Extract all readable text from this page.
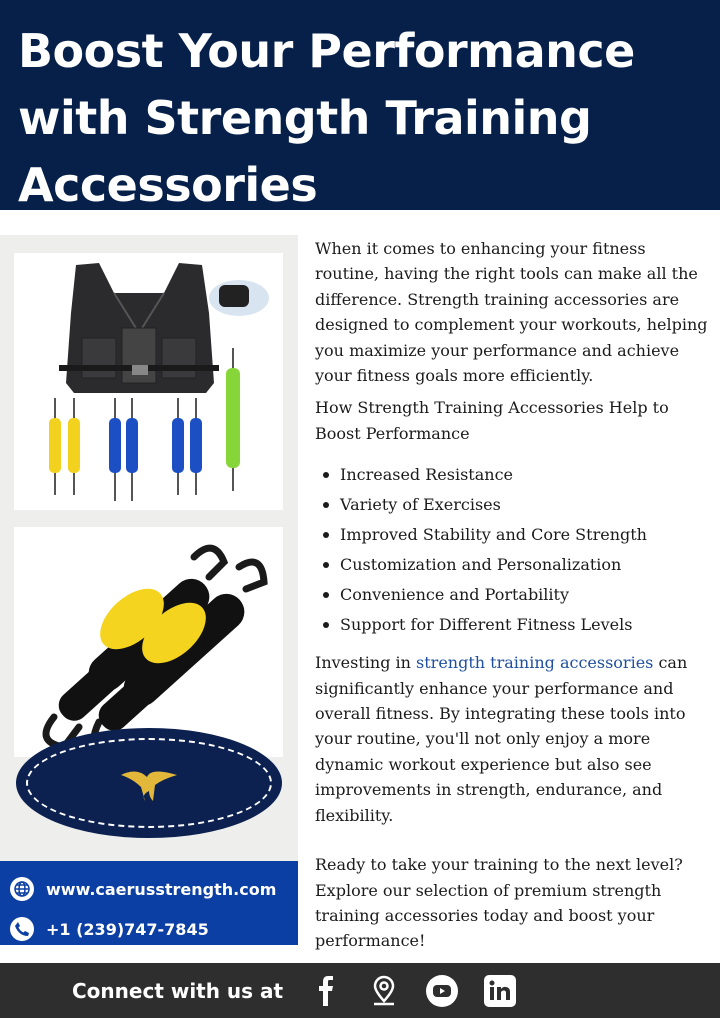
Boost Your Performance
with Strength Training
Accessories
www.caerusstrength.com
+1 (239)747-7845

When it comes to enhancing your fitness routine, having the right tools can make all the difference. Strength training accessories are designed to complement your workouts, helping you maximize your performance and achieve your fitness goals more efficiently.

How Strength Training Accessories Help to Boost Performance

Increased Resistance
Variety of Exercises
Improved Stability and Core Strength
Customization and Personalization
Convenience and Portability
Support for Different Fitness Levels

Investing in strength training accessories can significantly enhance your performance and overall fitness. By integrating these tools into your routine, you'll not only enjoy a more dynamic workout experience but also see improvements in strength, endurance, and flexibility.

Ready to take your training to the next level? Explore our selection of premium strength training accessories today and boost your performance!

Connect with us at
